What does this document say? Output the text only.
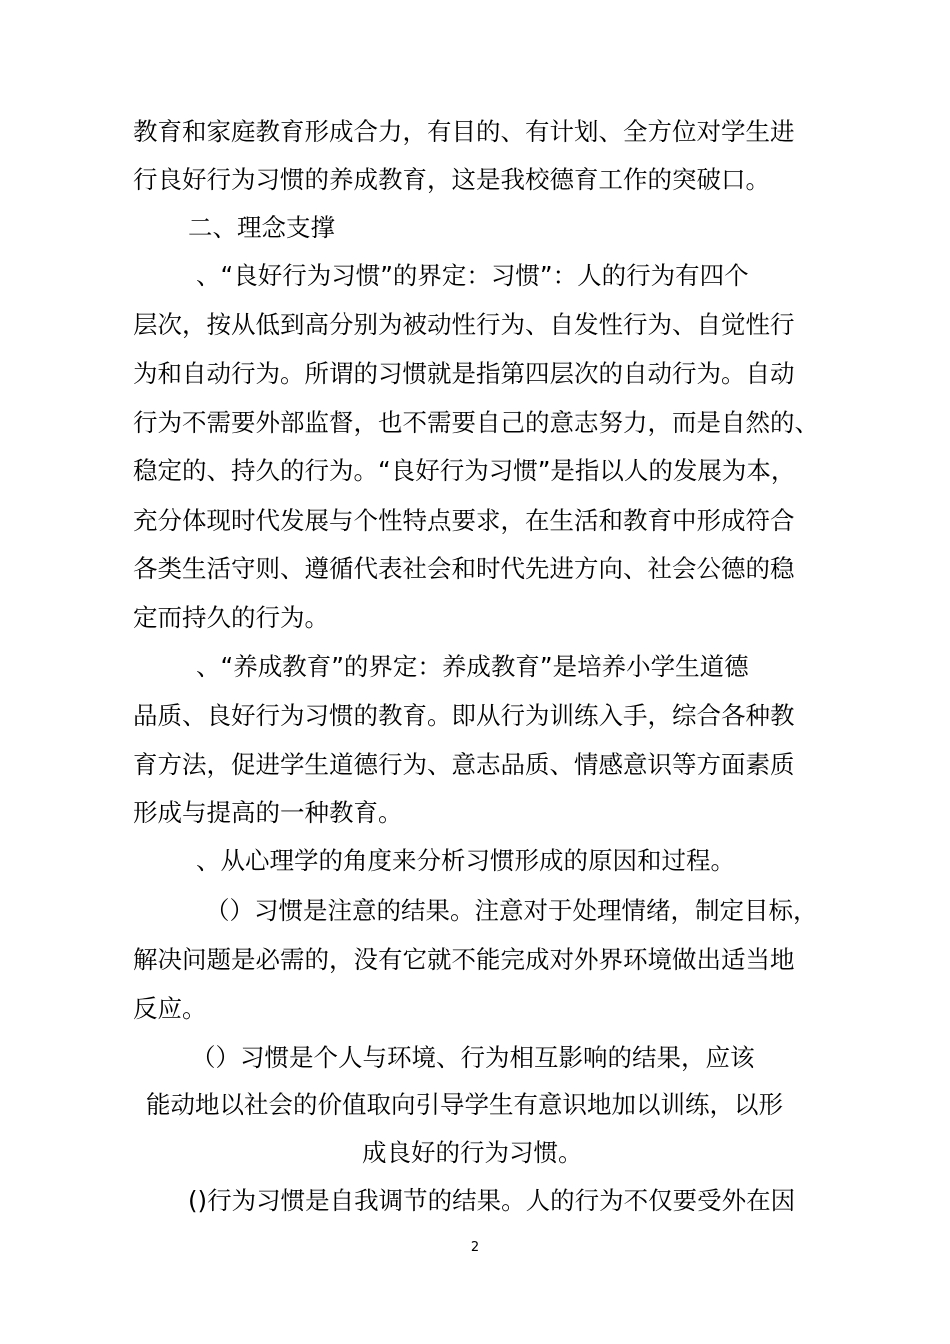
教育和家庭教育形成合力，有目的、有计划、全方位对学生进
行良好行为习惯的养成教育，这是我校德育工作的突破口。
二、理念支撑
、“良好行为习惯”的界定：习惯”：人的行为有四个
层次，按从低到高分别为被动性行为、自发性行为、自觉性行
为和自动行为。所谓的习惯就是指第四层次的自动行为。自动
行为不需要外部监督，也不需要自己的意志努力，而是自然的、
稳定的、持久的行为。“良好行为习惯”是指以人的发展为本，
充分体现时代发展与个性特点要求，在生活和教育中形成符合
各类生活守则、遵循代表社会和时代先进方向、社会公德的稳
定而持久的行为。
、“养成教育”的界定：养成教育”是培养小学生道德
品质、良好行为习惯的教育。即从行为训练入手，综合各种教
育方法，促进学生道德行为、意志品质、情感意识等方面素质
形成与提高的一种教育。
、从心理学的角度来分析习惯形成的原因和过程。
（）习惯是注意的结果。注意对于处理情绪，制定目标，
解决问题是必需的，没有它就不能完成对外界环境做出适当地
反应。
（）习惯是个人与环境、行为相互影响的结果，应该
能动地以社会的价值取向引导学生有意识地加以训练，以形
成良好的行为习惯。
()行为习惯是自我调节的结果。人的行为不仅要受外在因
2
